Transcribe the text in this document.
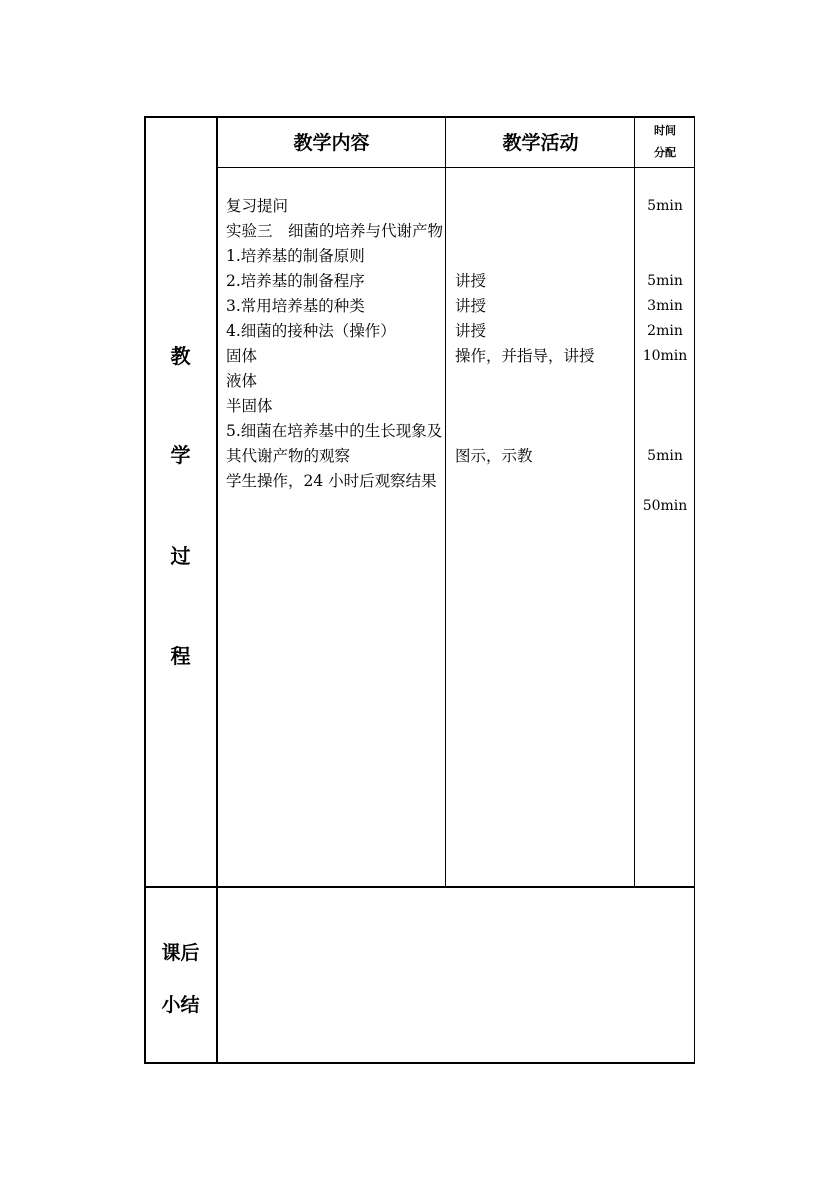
教学内容	教学活动
时间
分配
教
学
过
程
复习提问
实验三　细菌的培养与代谢产物
1.培养基的制备原则
2.培养基的制备程序
3.常用培养基的种类
4.细菌的接种法（操作）
固体
液体
半固体
5.细菌在培养基中的生长现象及其代谢产物的观察
学生操作，24 小时后观察结果
讲授
讲授
讲授
操作，并指导，讲授
图示，示教
5min
5min
3min
2min
10min
5min
50min
课后
小结
